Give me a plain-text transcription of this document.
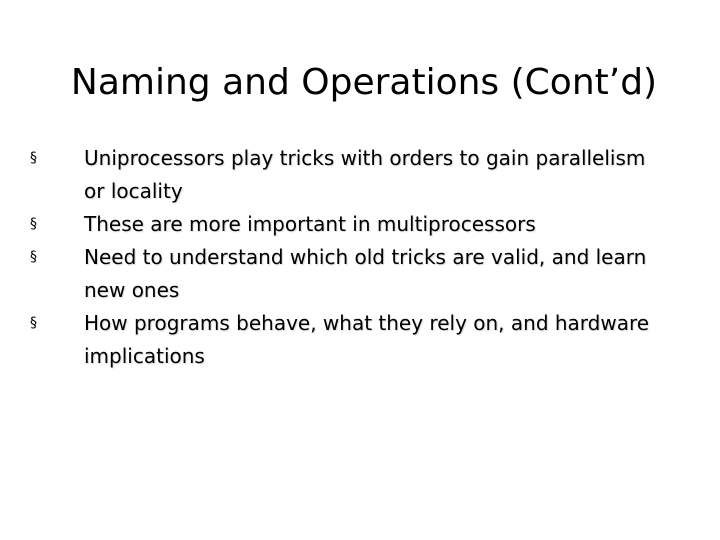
Naming and Operations (Cont’d)
§ Uniprocessors play tricks with orders to gain parallelism or locality
§ These are more important in multiprocessors
§ Need to understand which old tricks are valid, and learn new ones
§ How programs behave, what they rely on, and hardware implications
